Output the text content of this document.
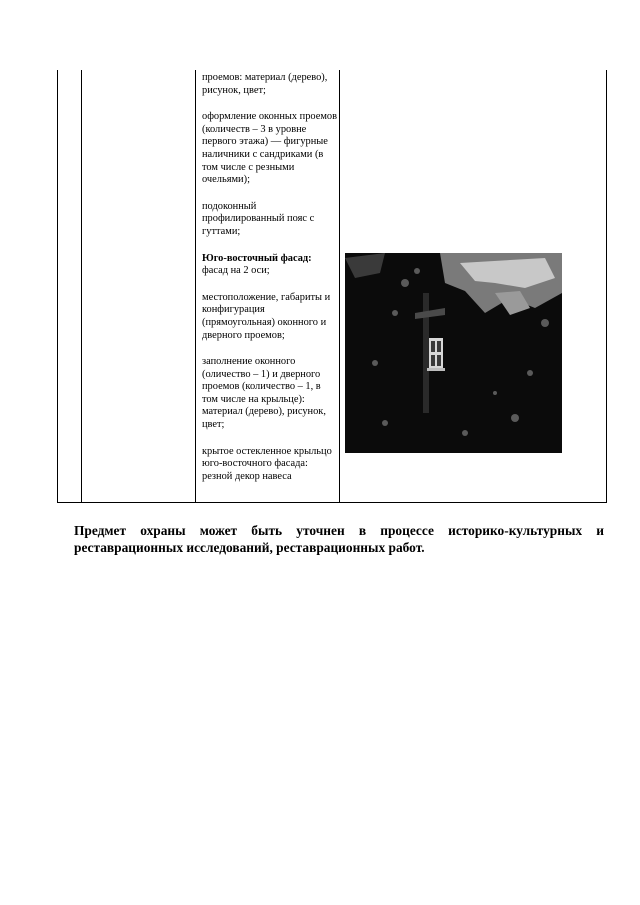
проемов: материал (дерево), рисунок, цвет;

оформление оконных проемов (количеств – 3 в уровне первого этажа) — фигурные наличники с сандриками (в том числе с резными очельями);

подоконный профилированный пояс с гуттами;

Юго-восточный фасад: фасад на 2 оси;

местоположение, габариты и конфигурация (прямоугольная) оконного и дверного проемов;

заполнение оконного (оличество – 1) и дверного проемов (количество – 1, в том числе на крыльце): материал (дерево), рисунок, цвет;

крытое остекленное крыльцо юго-восточного фасада: резной декор навеса

Предмет охраны может быть уточнен в процессе историко-культурных и реставрационных исследований, реставрационных работ.
